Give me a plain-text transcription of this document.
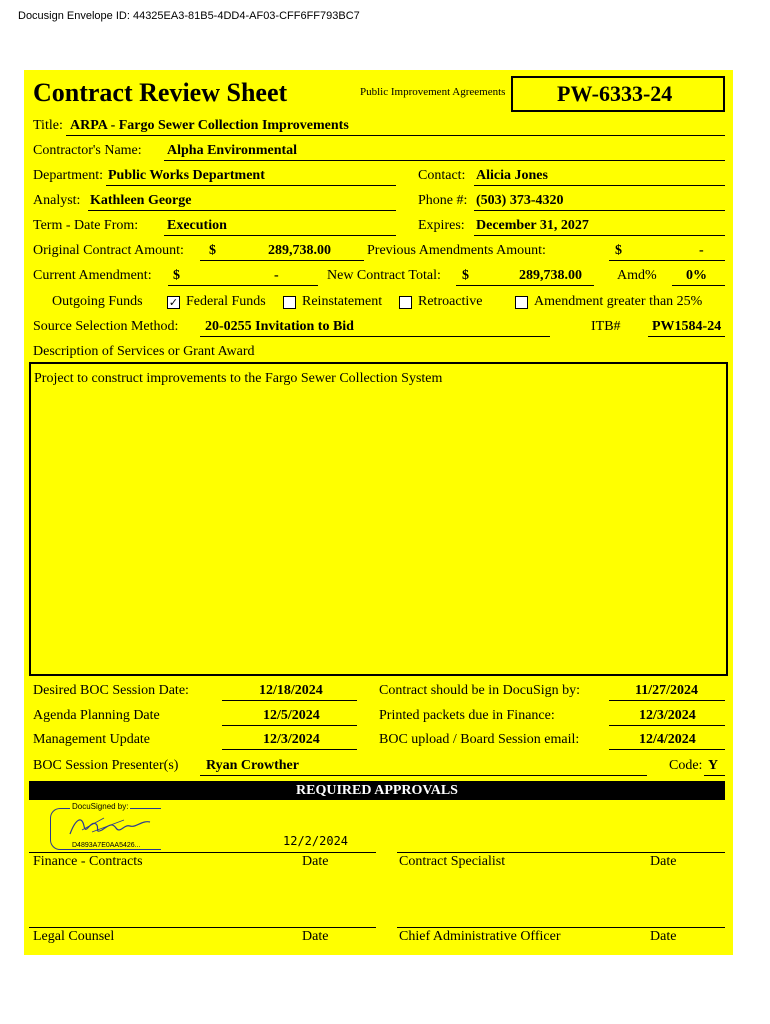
Docusign Envelope ID: 44325EA3-81B5-4DD4-AF03-CFF6FF793BC7
Contract Review Sheet	Public Improvement Agreements PW-6333-24
Title: ARPA - Fargo Sewer Collection Improvements
Contractor's Name: Alpha Environmental
Department: Public Works Department	Contact: Alicia Jones
Analyst: Kathleen George	Phone #: (503) 373-4320
Term - Date From: Execution	Expires: December 31, 2027
Original Contract Amount: $	289,738.00	Previous Amendments Amount:	$	-
Current Amendment: $	-	New Contract Total: $	289,738.00	Amd% 0%
Outgoing Funds ✓ Federal Funds	Reinstatement	Retroactive	Amendment greater than 25%
Source Selection Method: 20-0255 Invitation to Bid	ITB# PW1584-24
Description of Services or Grant Award
Project to construct improvements to the Fargo Sewer Collection System
Desired BOC Session Date:	12/18/2024	Contract should be in DocuSign by:	11/27/2024
Agenda Planning Date	12/5/2024	Printed packets due in Finance:	12/3/2024
Management Update	12/3/2024	BOC upload / Board Session email:	12/4/2024
BOC Session Presenter(s) Ryan Crowther	Code: Y
REQUIRED APPROVALS
DocuSigned by:
D4893A7E0AA5426...	12/2/2024
Finance - Contracts	Date	Contract Specialist	Date
Legal Counsel	Date	Chief Administrative Officer	Date
